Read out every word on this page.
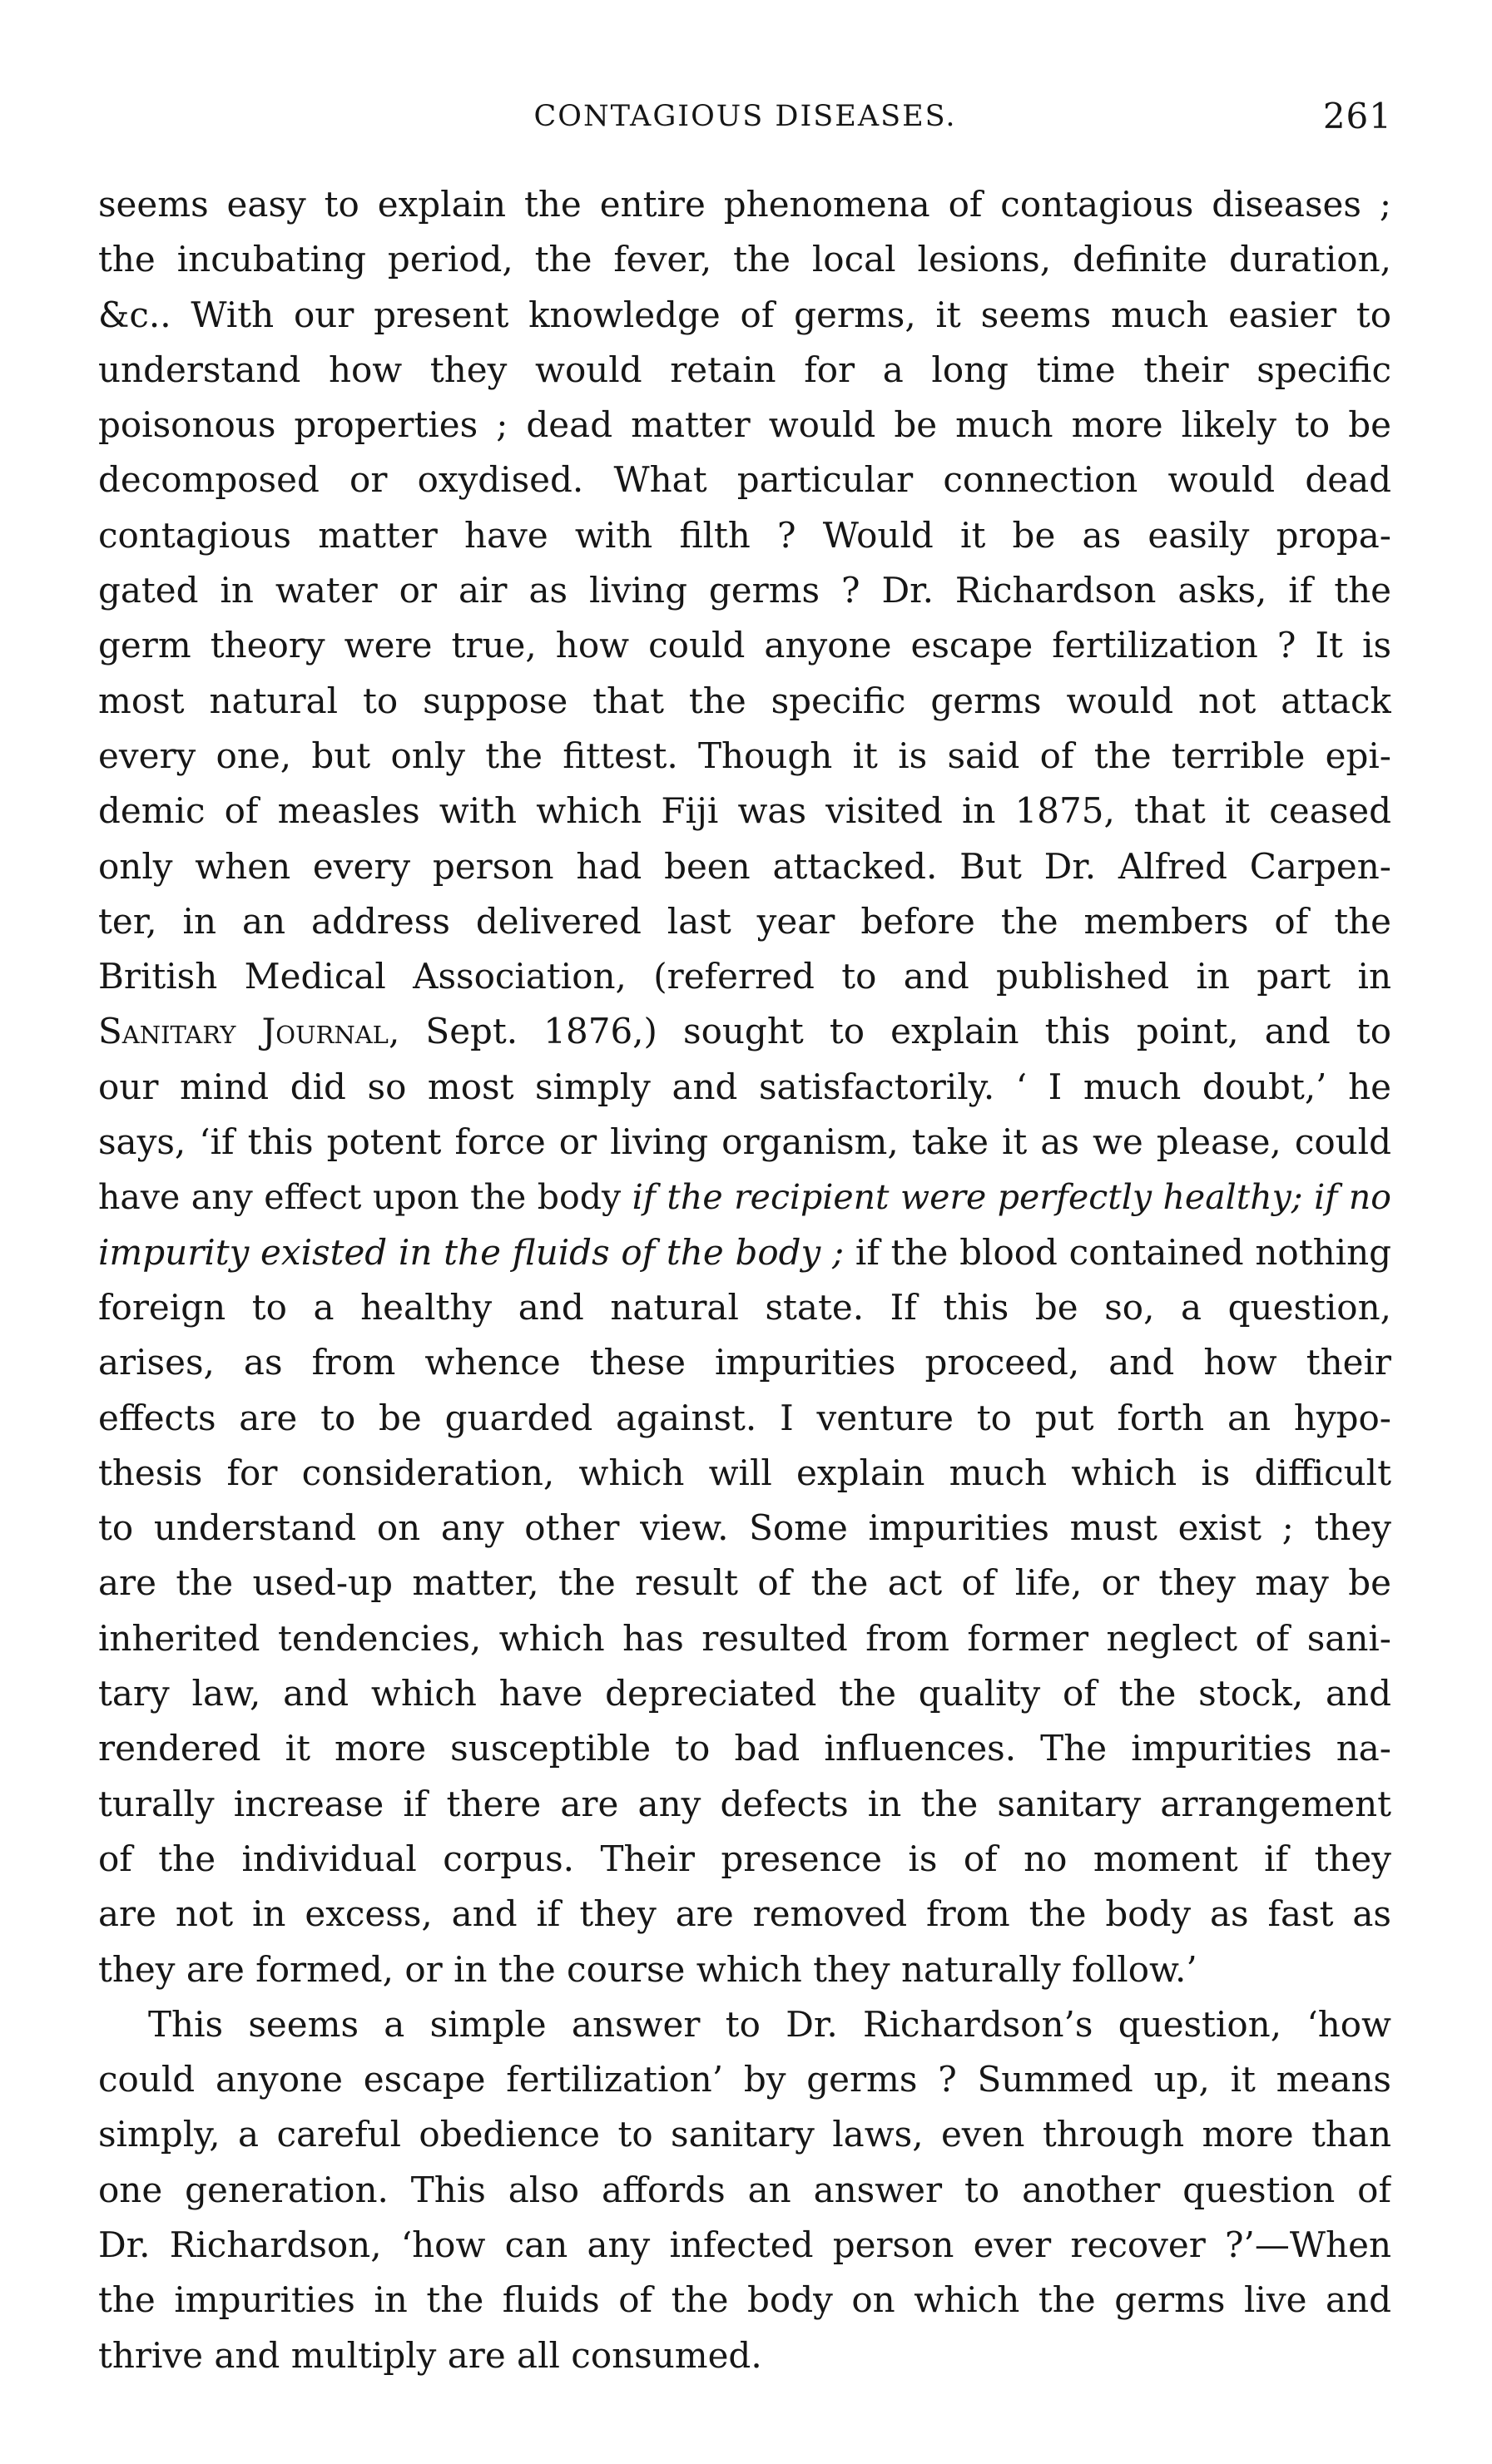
CONTAGIOUS DISEASES.	261
seems easy to explain the entire phenomena of contagious diseases ;
the incubating period, the fever, the local lesions, definite duration,
&c.. With our present knowledge of germs, it seems much easier to
understand how they would retain for a long time their specific
poisonous properties ; dead matter would be much more likely to be
decomposed or oxydised. What particular connection would dead
contagious matter have with filth ? Would it be as easily propa-
gated in water or air as living germs ? Dr. Richardson asks, if the
germ theory were true, how could anyone escape fertilization ? It is
most natural to suppose that the specific germs would not attack
every one, but only the fittest. Though it is said of the terrible epi-
demic of measles with which Fiji was visited in 1875, that it ceased
only when every person had been attacked. But Dr. Alfred Carpen-
ter, in an address delivered last year before the members of the
British Medical Association, (referred to and published in part in
Sanitary Journal, Sept. 1876,) sought to explain this point, and to
our mind did so most simply and satisfactorily. ‘ I much doubt,’ he
says, ‘if this potent force or living organism, take it as we please, could
have any effect upon the body if the recipient were perfectly healthy; if no
impurity existed in the fluids of the body ; if the blood contained nothing
foreign to a healthy and natural state. If this be so, a question,
arises, as from whence these impurities proceed, and how their
effects are to be guarded against. I venture to put forth an hypo-
thesis for consideration, which will explain much which is difficult
to understand on any other view. Some impurities must exist ; they
are the used-up matter, the result of the act of life, or they may be
inherited tendencies, which has resulted from former neglect of sani-
tary law, and which have depreciated the quality of the stock, and
rendered it more susceptible to bad influences. The impurities na-
turally increase if there are any defects in the sanitary arrangement
of the individual corpus. Their presence is of no moment if they
are not in excess, and if they are removed from the body as fast as
they are formed, or in the course which they naturally follow.’
This seems a simple answer to Dr. Richardson’s question, ‘how
could anyone escape fertilization’ by germs ? Summed up, it means
simply, a careful obedience to sanitary laws, even through more than
one generation. This also affords an answer to another question of
Dr. Richardson, ‘how can any infected person ever recover ?’—When
the impurities in the fluids of the body on which the germs live and
thrive and multiply are all consumed.
